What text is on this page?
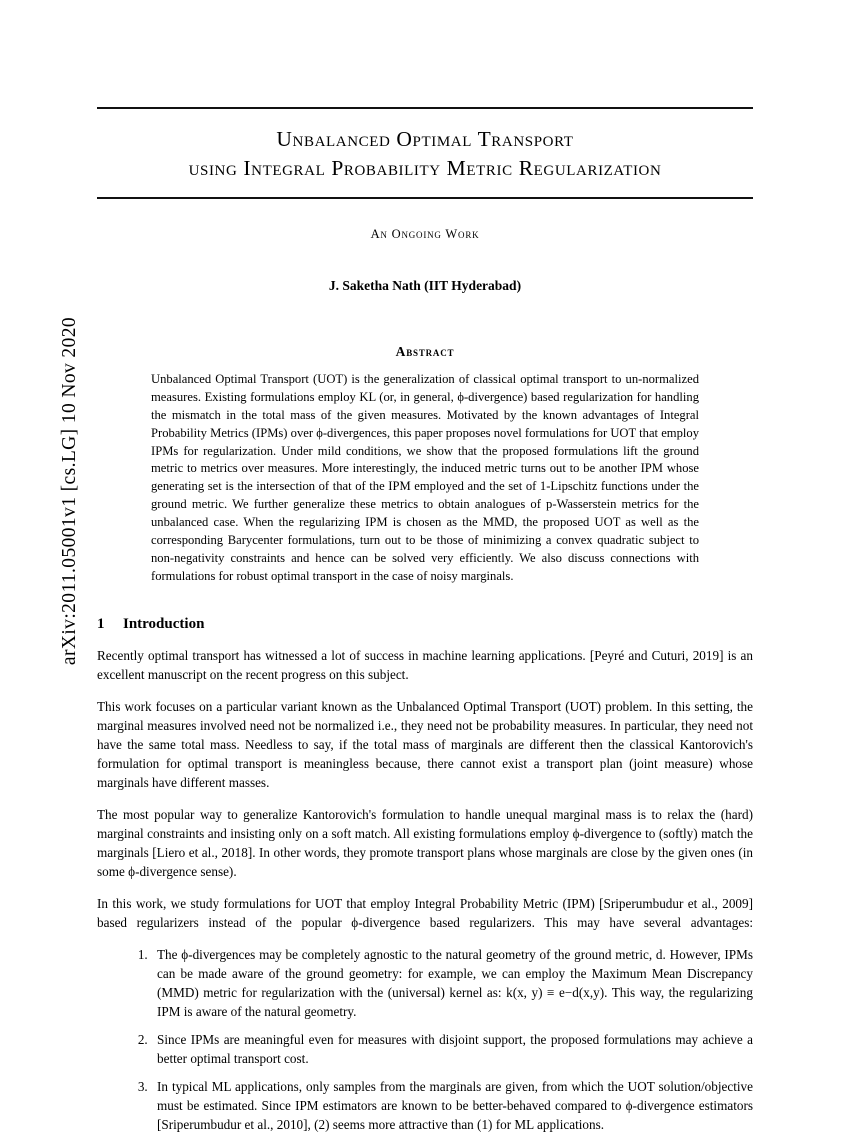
arXiv:2011.05001v1 [cs.LG] 10 Nov 2020
Unbalanced Optimal Transport
using Integral Probability Metric Regularization
An Ongoing Work
J. Saketha Nath (IIT Hyderabad)
Abstract
Unbalanced Optimal Transport (UOT) is the generalization of classical optimal transport to un-normalized measures. Existing formulations employ KL (or, in general, ϕ-divergence) based regularization for handling the mismatch in the total mass of the given measures. Motivated by the known advantages of Integral Probability Metrics (IPMs) over ϕ-divergences, this paper proposes novel formulations for UOT that employ IPMs for regularization. Under mild conditions, we show that the proposed formulations lift the ground metric to metrics over measures. More interestingly, the induced metric turns out to be another IPM whose generating set is the intersection of that of the IPM employed and the set of 1-Lipschitz functions under the ground metric. We further generalize these metrics to obtain analogues of p-Wasserstein metrics for the unbalanced case. When the regularizing IPM is chosen as the MMD, the proposed UOT as well as the corresponding Barycenter formulations, turn out to be those of minimizing a convex quadratic subject to non-negativity constraints and hence can be solved very efficiently. We also discuss connections with formulations for robust optimal transport in the case of noisy marginals.
1 Introduction

Recently optimal transport has witnessed a lot of success in machine learning applications. [Peyré and Cuturi, 2019] is an excellent manuscript on the recent progress on this subject.

This work focuses on a particular variant known as the Unbalanced Optimal Transport (UOT) problem. In this setting, the marginal measures involved need not be normalized i.e., they need not be probability measures. In particular, they need not have the same total mass. Needless to say, if the total mass of marginals are different then the classical Kantorovich's formulation for optimal transport is meaningless because, there cannot exist a transport plan (joint measure) whose marginals have different masses.

The most popular way to generalize Kantorovich's formulation to handle unequal marginal mass is to relax the (hard) marginal constraints and insisting only on a soft match. All existing formulations employ ϕ-divergence to (softly) match the marginals [Liero et al., 2018]. In other words, they promote transport plans whose marginals are close by the given ones (in some ϕ-divergence sense).

In this work, we study formulations for UOT that employ Integral Probability Metric (IPM) [Sriperumbudur et al., 2009] based regularizers instead of the popular ϕ-divergence based regularizers. This may have several advantages:

1. The ϕ-divergences may be completely agnostic to the natural geometry of the ground metric, d. However, IPMs can be made aware of the ground geometry: for example, we can employ the Maximum Mean Discrepancy (MMD) metric for regularization with the (universal) kernel as: k(x, y) ≡ e−d(x,y). This way, the regularizing IPM is aware of the natural geometry.
2. Since IPMs are meaningful even for measures with disjoint support, the proposed formulations may achieve a better optimal transport cost.
3. In typical ML applications, only samples from the marginals are given, from which the UOT solution/objective must be estimated. Since IPM estimators are known to be better-behaved compared to ϕ-divergence estimators [Sriperumbudur et al., 2010], (2) seems more attractive than (1) for ML applications.
